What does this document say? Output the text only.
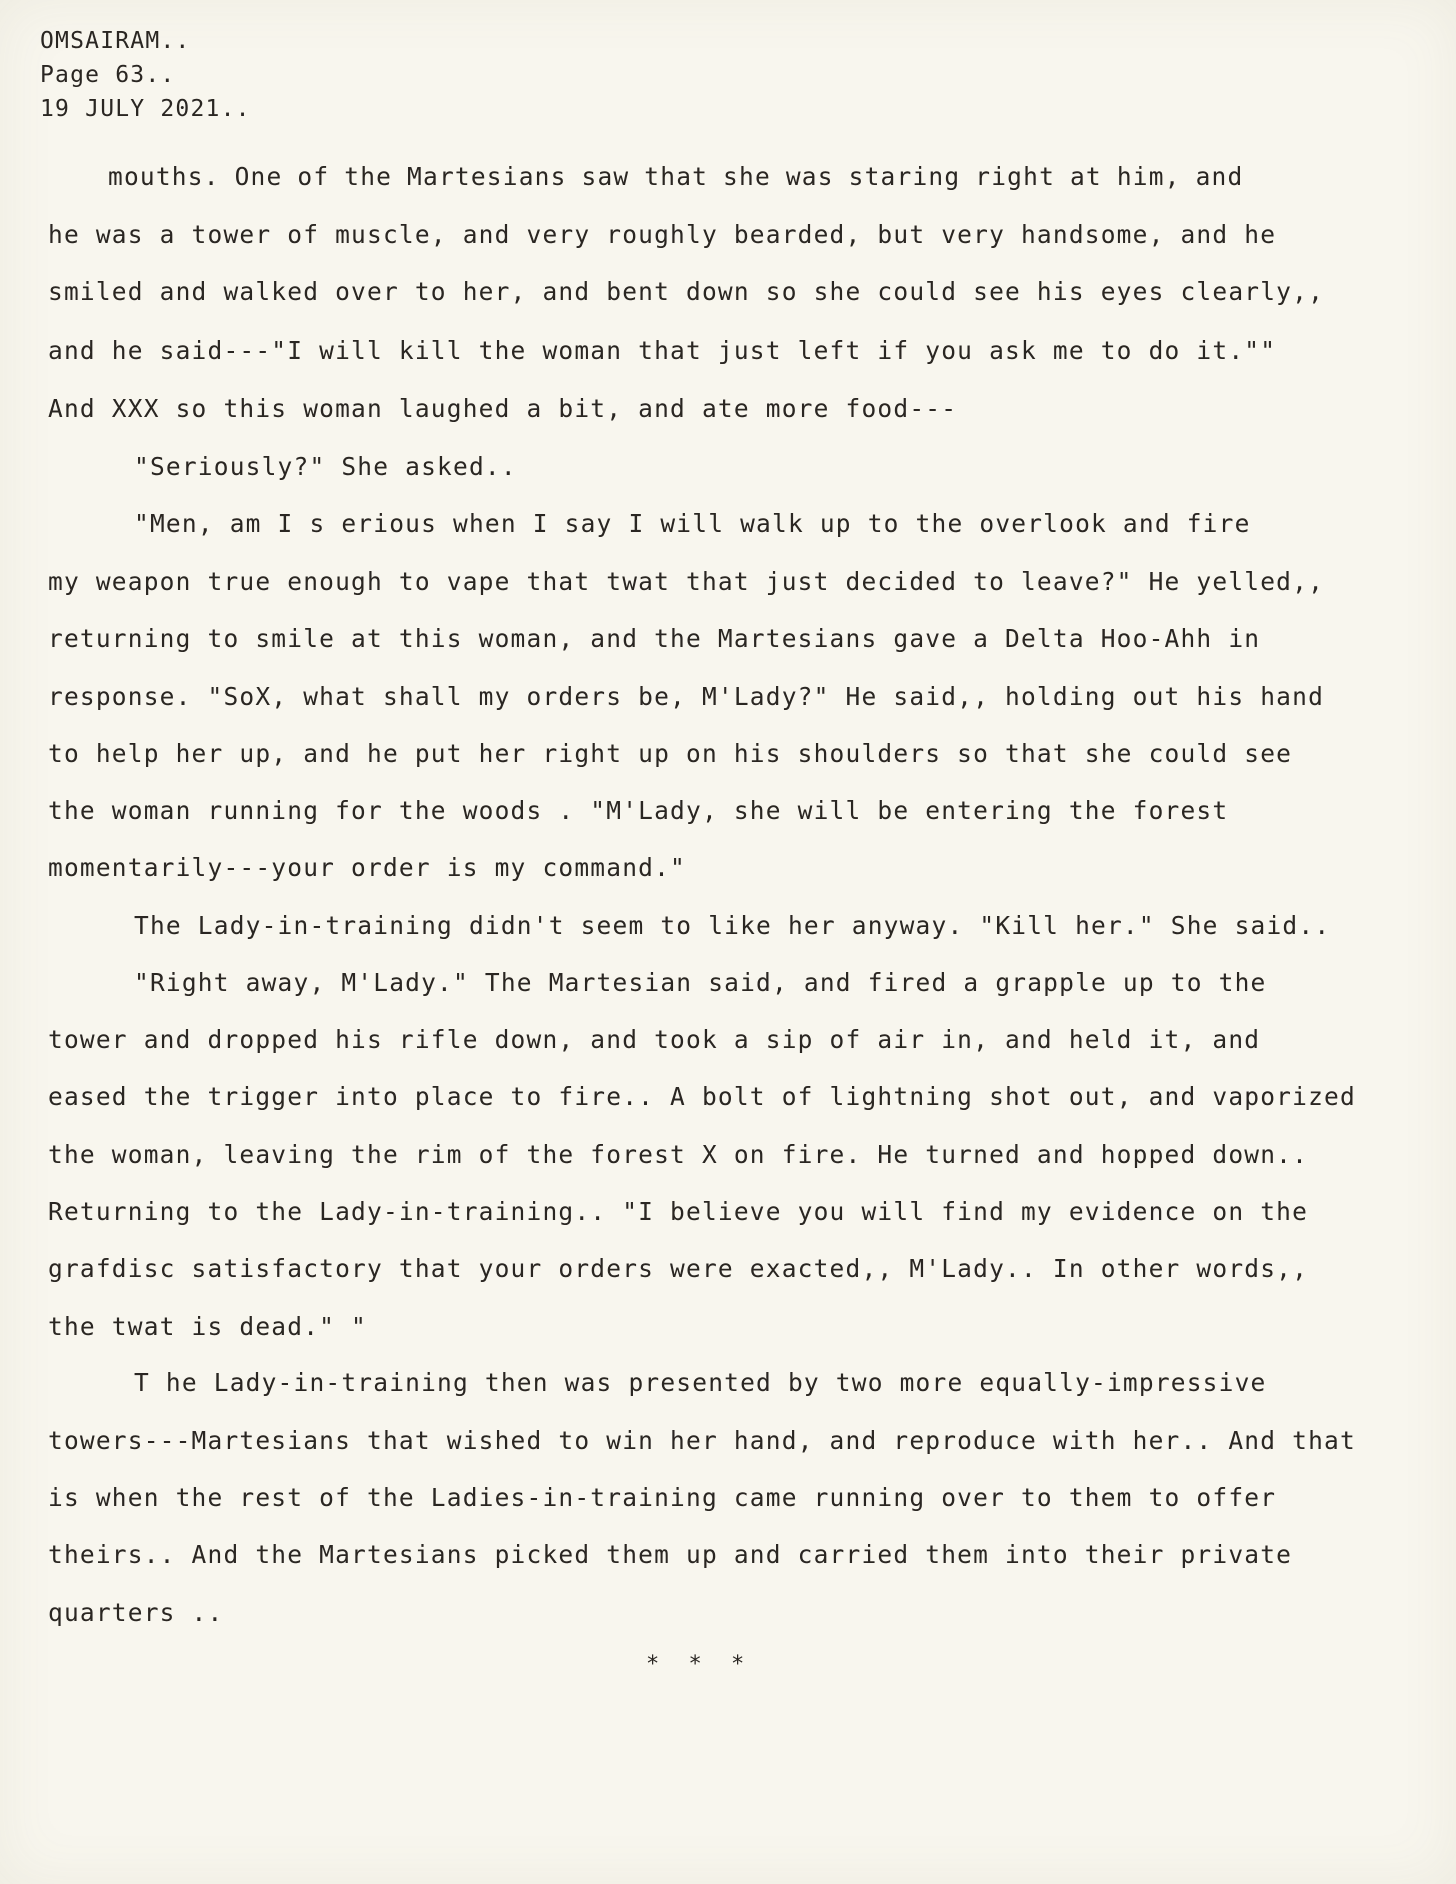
OMSAIRAM..
Page 63..
19 JULY 2021..
mouths. One of the Martesians saw that she was staring right at him, and
he was a tower of muscle, and very roughly bearded, but very handsome, and he
smiled and walked over to her, and bent down so she could see his eyes clearly,,
and he said---"I will kill the woman that just left if you ask me to do it.""
And XXX so this woman laughed a bit, and ate more food---
"Seriously?" She asked..
"Men, am I s erious when I say I will walk up to the overlook and fire
my weapon true enough to vape that twat that just decided to leave?" He yelled,,
returning to smile at this woman, and the Martesians gave a Delta Hoo-Ahh in
response. "SoX, what shall my orders be, M'Lady?" He said,, holding out his hand
to help her up, and he put her right up on his shoulders so that she could see
the woman running for the woods . "M'Lady, she will be entering the forest
momentarily---your order is my command."
The Lady-in-training didn't seem to like her anyway. "Kill her." She said..
"Right away, M'Lady." The Martesian said, and fired a grapple up to the
tower and dropped his rifle down, and took a sip of air in, and held it, and
eased the trigger into place to fire.. A bolt of lightning shot out, and vaporized
the woman, leaving the rim of the forest X on fire. He turned and hopped down..
Returning to the Lady-in-training.. "I believe you will find my evidence on the
grafdisc satisfactory that your orders were exacted,, M'Lady.. In other words,,
the twat is dead." "
T he Lady-in-training then was presented by two more equally-impressive
towers---Martesians that wished to win her hand, and reproduce with her.. And that
is when the rest of the Ladies-in-training came running over to them to offer
theirs.. And the Martesians picked them up and carried them into their private
quarters ..
* * *
